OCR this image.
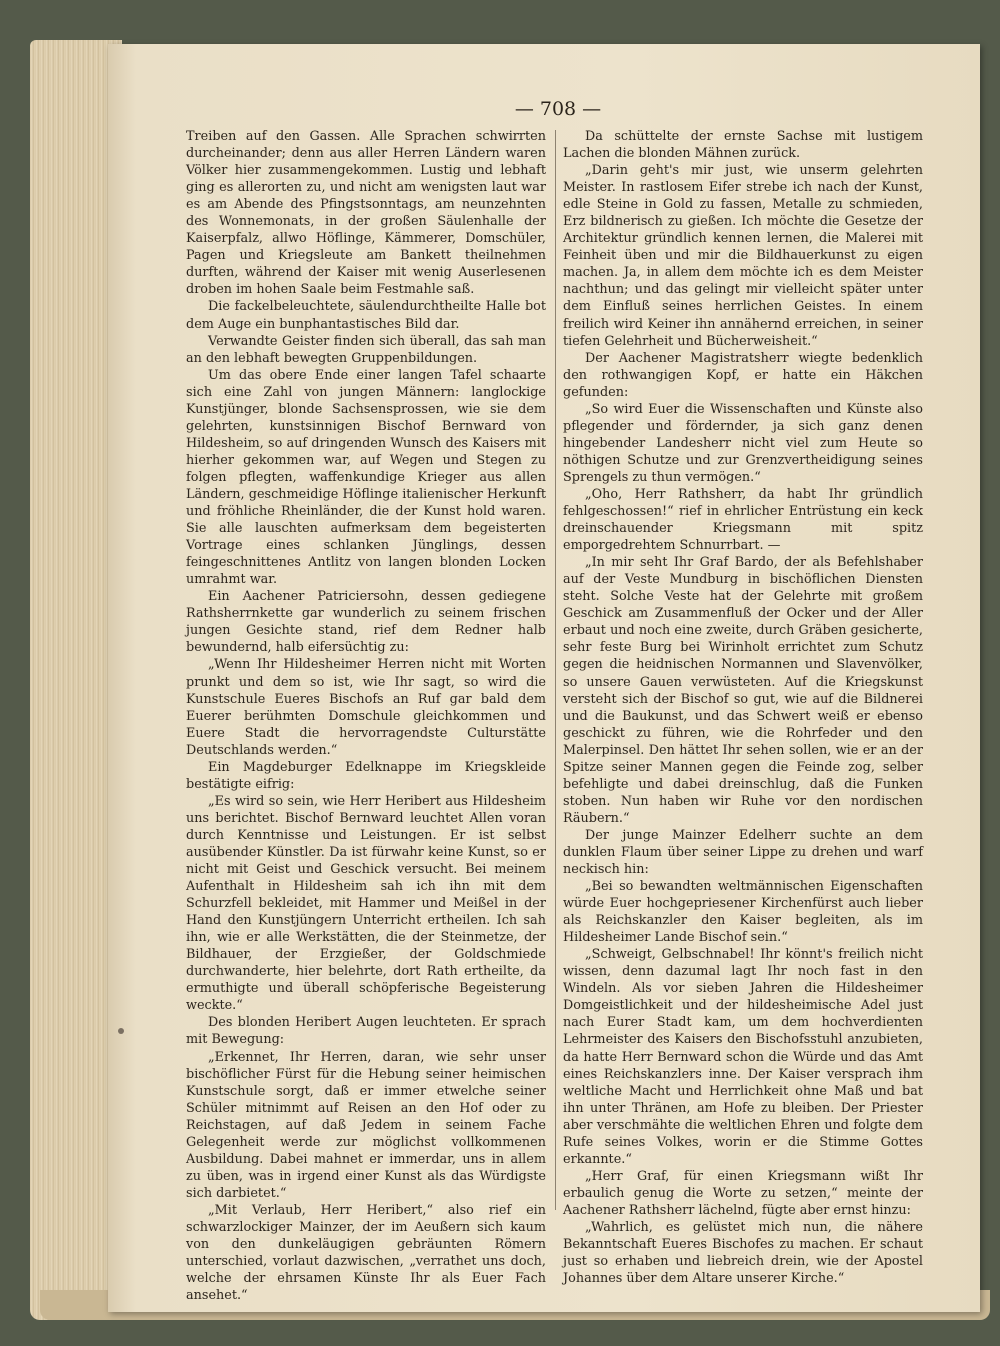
— 708 —

Treiben auf den Gassen. Alle Sprachen schwirrten durcheinander; denn aus aller Herren Ländern waren Völker hier zusammengekommen. Lustig und lebhaft ging es allerorten zu, und nicht am wenigsten laut war es am Abende des Pfingstsonntags, am neunzehnten des Wonnemonats, in der großen Säulenhalle der Kaiserpfalz, allwo Höflinge, Kämmerer, Domschüler, Pagen und Kriegsleute am Bankett theilnehmen durften, während der Kaiser mit wenig Auserlesenen droben im hohen Saale beim Festmahle saß.

Die fackelbeleuchtete, säulendurchtheilte Halle bot dem Auge ein bunphantastisches Bild dar.

Verwandte Geister finden sich überall, das sah man an den lebhaft bewegten Gruppenbildungen.

Um das obere Ende einer langen Tafel schaarte sich eine Zahl von jungen Männern: langlockige Kunstjünger, blonde Sachsensprossen, wie sie dem gelehrten, kunstsinnigen Bischof Bernward von Hildesheim, so auf dringenden Wunsch des Kaisers mit hierher gekommen war, auf Wegen und Stegen zu folgen pflegten, waffenkundige Krieger aus allen Ländern, geschmeidige Höflinge italienischer Herkunft und fröhliche Rheinländer, die der Kunst hold waren. Sie alle lauschten aufmerksam dem begeisterten Vortrage eines schlanken Jünglings, dessen feingeschnittenes Antlitz von langen blonden Locken umrahmt war.

Ein Aachener Patriciersohn, dessen gediegene Rathsherrnkette gar wunderlich zu seinem frischen jungen Gesichte stand, rief dem Redner halb bewundernd, halb eifersüchtig zu:

„Wenn Ihr Hildesheimer Herren nicht mit Worten prunkt und dem so ist, wie Ihr sagt, so wird die Kunstschule Eueres Bischofs an Ruf gar bald dem Euerer berühmten Domschule gleichkommen und Euere Stadt die hervorragendste Culturstätte Deutschlands werden.“

Ein Magdeburger Edelknappe im Kriegskleide bestätigte eifrig:

„Es wird so sein, wie Herr Heribert aus Hildesheim uns berichtet. Bischof Bernward leuchtet Allen voran durch Kenntnisse und Leistungen. Er ist selbst ausübender Künstler. Da ist fürwahr keine Kunst, so er nicht mit Geist und Geschick versucht. Bei meinem Aufenthalt in Hildesheim sah ich ihn mit dem Schurzfell bekleidet, mit Hammer und Meißel in der Hand den Kunstjüngern Unterricht ertheilen. Ich sah ihn, wie er alle Werkstätten, die der Steinmetze, der Bildhauer, der Erzgießer, der Goldschmiede durchwanderte, hier belehrte, dort Rath ertheilte, da ermuthigte und überall schöpferische Begeisterung weckte.“

Des blonden Heribert Augen leuchteten. Er sprach mit Bewegung:

„Erkennet, Ihr Herren, daran, wie sehr unser bischöflicher Fürst für die Hebung seiner heimischen Kunstschule sorgt, daß er immer etwelche seiner Schüler mitnimmt auf Reisen an den Hof oder zu Reichstagen, auf daß Jedem in seinem Fache Gelegenheit werde zur möglichst vollkommenen Ausbildung. Dabei mahnet er immerdar, uns in allem zu üben, was in irgend einer Kunst als das Würdigste sich darbietet.“

„Mit Verlaub, Herr Heribert,“ also rief ein schwarzlockiger Mainzer, der im Aeußern sich kaum von den dunkeläugigen gebräunten Römern unterschied, vorlaut dazwischen, „verrathet uns doch, welche der ehrsamen Künste Ihr als Euer Fach ansehet.“

Da schüttelte der ernste Sachse mit lustigem Lachen die blonden Mähnen zurück.

„Darin geht's mir just, wie unserm gelehrten Meister. In rastlosem Eifer strebe ich nach der Kunst, edle Steine in Gold zu fassen, Metalle zu schmieden, Erz bildnerisch zu gießen. Ich möchte die Gesetze der Architektur gründlich kennen lernen, die Malerei mit Feinheit üben und mir die Bildhauerkunst zu eigen machen. Ja, in allem dem möchte ich es dem Meister nachthun; und das gelingt mir vielleicht später unter dem Einfluß seines herrlichen Geistes. In einem freilich wird Keiner ihn annähernd erreichen, in seiner tiefen Gelehrheit und Bücherweisheit.“

Der Aachener Magistratsherr wiegte bedenklich den rothwangigen Kopf, er hatte ein Häkchen gefunden:

„So wird Euer die Wissenschaften und Künste also pflegender und fördernder, ja sich ganz denen hingebender Landesherr nicht viel zum Heute so nöthigen Schutze und zur Grenzvertheidigung seines Sprengels zu thun vermögen.“

„Oho, Herr Rathsherr, da habt Ihr gründlich fehlgeschossen!“ rief in ehrlicher Entrüstung ein keck dreinschauender Kriegsmann mit spitz emporgedrehtem Schnurrbart. —

„In mir seht Ihr Graf Bardo, der als Befehlshaber auf der Veste Mundburg in bischöflichen Diensten steht. Solche Veste hat der Gelehrte mit großem Geschick am Zusammenfluß der Ocker und der Aller erbaut und noch eine zweite, durch Gräben gesicherte, sehr feste Burg bei Wirinholt errichtet zum Schutz gegen die heidnischen Normannen und Slavenvölker, so unsere Gauen verwüsteten. Auf die Kriegskunst versteht sich der Bischof so gut, wie auf die Bildnerei und die Baukunst, und das Schwert weiß er ebenso geschickt zu führen, wie die Rohrfeder und den Malerpinsel. Den hättet Ihr sehen sollen, wie er an der Spitze seiner Mannen gegen die Feinde zog, selber befehligte und dabei dreinschlug, daß die Funken stoben. Nun haben wir Ruhe vor den nordischen Räubern.“

Der junge Mainzer Edelherr suchte an dem dunklen Flaum über seiner Lippe zu drehen und warf neckisch hin:

„Bei so bewandten weltmännischen Eigenschaften würde Euer hochgepriesener Kirchenfürst auch lieber als Reichskanzler den Kaiser begleiten, als im Hildesheimer Lande Bischof sein.“

„Schweigt, Gelbschnabel! Ihr könnt's freilich nicht wissen, denn dazumal lagt Ihr noch fast in den Windeln. Als vor sieben Jahren die Hildesheimer Domgeistlichkeit und der hildesheimische Adel just nach Eurer Stadt kam, um dem hochverdienten Lehrmeister des Kaisers den Bischofsstuhl anzubieten, da hatte Herr Bernward schon die Würde und das Amt eines Reichskanzlers inne. Der Kaiser versprach ihm weltliche Macht und Herrlichkeit ohne Maß und bat ihn unter Thränen, am Hofe zu bleiben. Der Priester aber verschmähte die weltlichen Ehren und folgte dem Rufe seines Volkes, worin er die Stimme Gottes erkannte.“

„Herr Graf, für einen Kriegsmann wißt Ihr erbaulich genug die Worte zu setzen,“ meinte der Aachener Rathsherr lächelnd, fügte aber ernst hinzu:

„Wahrlich, es gelüstet mich nun, die nähere Bekanntschaft Eueres Bischofes zu machen. Er schaut just so erhaben und liebreich drein, wie der Apostel Johannes über dem Altare unserer Kirche.“
